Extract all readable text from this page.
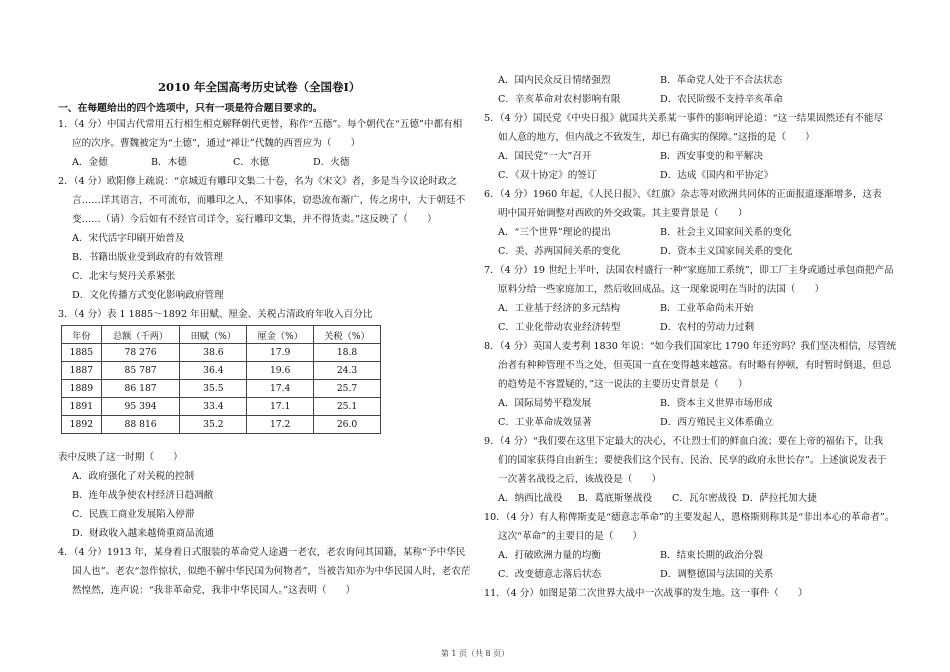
2010 年全国高考历史试卷（全国卷Ⅰ）
一、在每题给出的四个选项中，只有一项是符合题目要求的。
1．（4 分）中国古代常用五行相生相克解释朝代更替，称作“五德”。每个朝代在“五德”中都有相
应的次序。曹魏被定为“土德”，通过“禅让”代魏的西晋应为（　　）
A．金德	B．木德	C．水德	D．火德
2．（4 分）欧阳修上疏说：“京城近有雕印文集二十卷，名为《宋文》者，多是当今议论时政之
言……详其语言，不可流布，而雕印之人，不知事体，窃恐流布渐广，传之虏中，大于朝廷不
变……（请）今后如有不经官司详令，妄行雕印文集，并不得货卖。”这反映了（　　）
A．宋代活字印刷开始普及
B．书籍出版业受到政府的有效管理
C．北宋与契丹关系紧张
D．文化传播方式变化影响政府管理
3．（4 分）表 1 1885～1892 年田赋、厘金、关税占清政府年收入百分比
年份	总额（千两）	田赋（%）	厘金（%）	关税（%）
1885	78 276	38.6	17.9	18.8
1887	85 787	36.4	19.6	24.3
1889	86 187	35.5	17.4	25.7
1891	95 394	33.4	17.1	25.1
1892	88 816	35.2	17.2	26.0
表中反映了这一时期（　　）
A．政府强化了对关税的控制
B．连年战争使农村经济日趋凋敝
C．民族工商业发展陷入停滞
D．财政收入越来越倚重商品流通
4．（4 分）1913 年，某身着日式服装的革命党人途遇一老农，老农询问其国籍，某称“予中华民
国人也”。老农“忽作惊状，似绝不解中华民国为何物者”，当被告知亦为中华民国人时，老农茫
然惶然，连声说：“我非革命党，我非中华民国人。”这表明（　　）
A．国内民众反日情绪强烈	B．革命党人处于不合法状态
C．辛亥革命对农村影响有限	D．农民阶级不支持辛亥革命
5．（4 分）国民党《中央日报》就国共关系某一事件的影响评论道：“这一结果固然还有不能尽
如人意的地方，但内战之不致发生，却已有确实的保障。”这指的是（　　）
A．国民党“一大”召开	B．西安事变的和平解决
C．《双十协定》的签订	D．达成《国内和平协定》
6．（4 分）1960 年起，《人民日报》、《红旗》杂志等对欧洲共同体的正面报道逐渐增多，这表
明中国开始调整对西欧的外交政策。其主要背景是（　　）
A．“三个世界”理论的提出	B．社会主义国家间关系的变化
C．美、苏两国间关系的变化	D．资本主义国家间关系的变化
7．（4 分）19 世纪上半叶，法国农村盛行一种“家庭加工系统”，即工厂主身或通过承包商把产品
原料分给一些家庭加工，然后收回成品。这一现象说明在当时的法国（　　）
A．工业基于经济的多元结构	B．工业革命尚未开始
C．工业化带动农业经济转型	D．农村的劳动力过剩
8．（4 分）英国人麦考利 1830 年说：“如今我们国家比 1790 年还穷吗？我们坚决相信，尽管统
治者有种种管理不当之处，但英国一直在变得越来越富。有时略有停顿，有时暂时倒退，但总
的趋势是不容置疑的，”这一说法的主要历史背景是（　　）
A．国际局势平稳发展	B．资本主义世界市场形成
C．工业革命成效显著	D．西方殖民主义体系确立
9．（4 分）“我们要在这里下定最大的决心，不让烈士们的鲜血白流；要在上帝的福佑下，让我
们的国家获得自由新生；要使我们这个民有、民治、民享的政府永世长存”。上述演说发表于
一次著名战役之后，该战役是（　　）
A．纳西比战役 B．葛底斯堡战役 C．瓦尔密战役 D．萨拉托加大捷
10．（4 分）有人称俾斯麦是“德意志革命”的主要发起人，恩格斯则称其是“非出本心的革命者”。
这次“革命”的主要目的是（　　）
A．打破欧洲力量的均衡	B．结束长期的政治分裂
C．改变德意志落后状态	D．调整德国与法国的关系
11．（4 分）如图是第二次世界大战中一次战事的发生地。这一事件（　　）
第 1 页（共 8 页）
